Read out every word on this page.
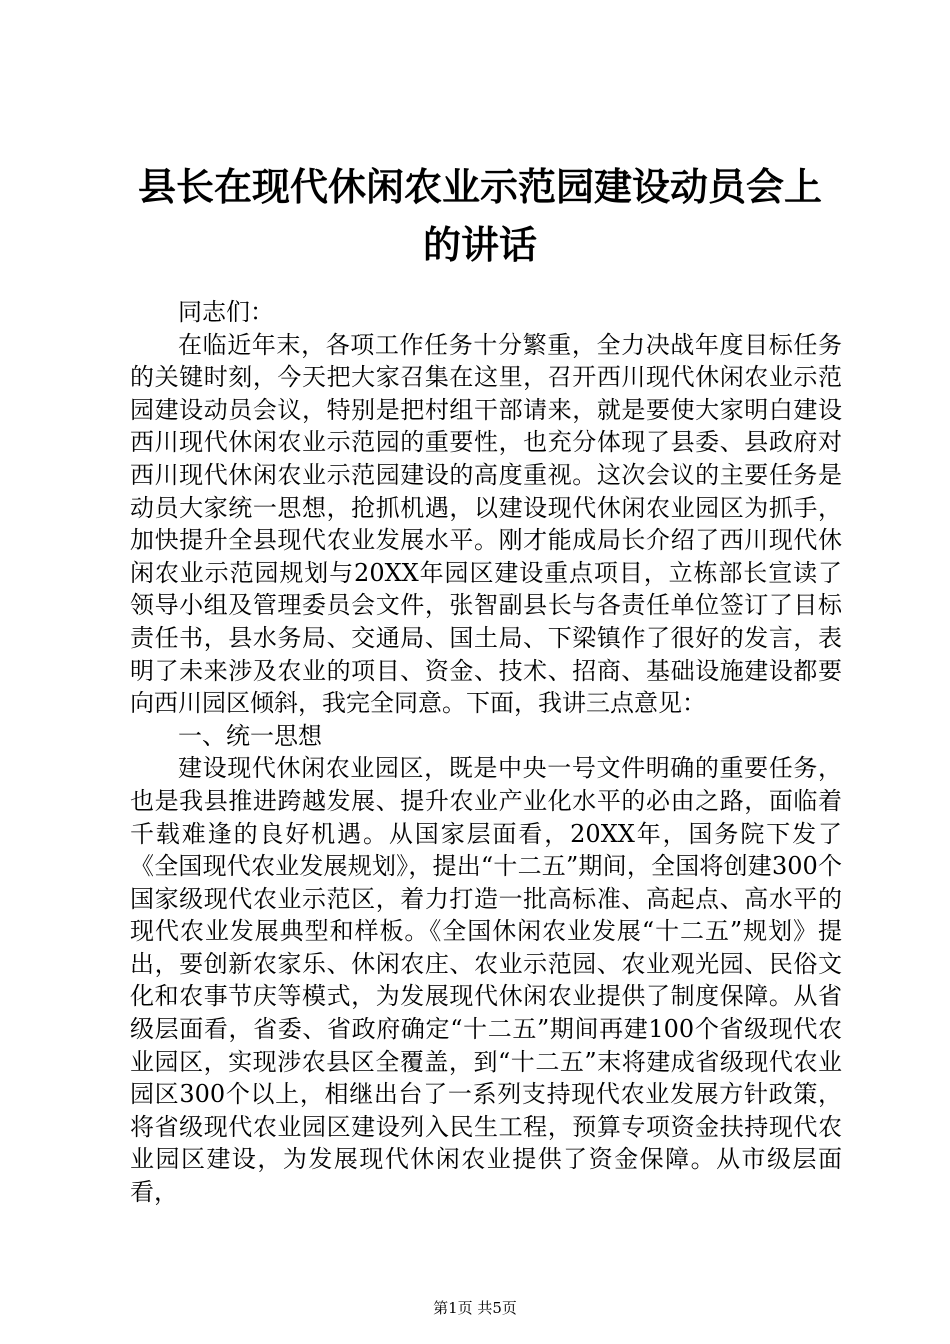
县长在现代休闲农业示范园建设动员会上的讲话

同志们：

在临近年末，各项工作任务十分繁重，全力决战年度目标任务的关键时刻，今天把大家召集在这里，召开西川现代休闲农业示范园建设动员会议，特别是把村组干部请来，就是要使大家明白建设西川现代休闲农业示范园的重要性，也充分体现了县委、县政府对西川现代休闲农业示范园建设的高度重视。这次会议的主要任务是动员大家统一思想，抢抓机遇，以建设现代休闲农业园区为抓手，加快提升全县现代农业发展水平。刚才能成局长介绍了西川现代休闲农业示范园规划与20XX年园区建设重点项目，立栋部长宣读了领导小组及管理委员会文件，张智副县长与各责任单位签订了目标责任书，县水务局、交通局、国土局、下梁镇作了很好的发言，表明了未来涉及农业的项目、资金、技术、招商、基础设施建设都要向西川园区倾斜，我完全同意。下面，我讲三点意见：

一、统一思想

建设现代休闲农业园区，既是中央一号文件明确的重要任务，也是我县推进跨越发展、提升农业产业化水平的必由之路，面临着千载难逢的良好机遇。从国家层面看，20XX年，国务院下发了《全国现代农业发展规划》，提出“十二五”期间，全国将创建300个国家级现代农业示范区，着力打造一批高标准、高起点、高水平的现代农业发展典型和样板。《全国休闲农业发展“十二五”规划》提出，要创新农家乐、休闲农庄、农业示范园、农业观光园、民俗文化和农事节庆等模式，为发展现代休闲农业提供了制度保障。从省级层面看，省委、省政府确定“十二五”期间再建100个省级现代农业园区，实现涉农县区全覆盖，到“十二五”末将建成省级现代农业园区300个以上，相继出台了一系列支持现代农业发展方针政策，将省级现代农业园区建设列入民生工程，预算专项资金扶持现代农业园区建设，为发展现代休闲农业提供了资金保障。从市级层面看，

第1页 共5页
